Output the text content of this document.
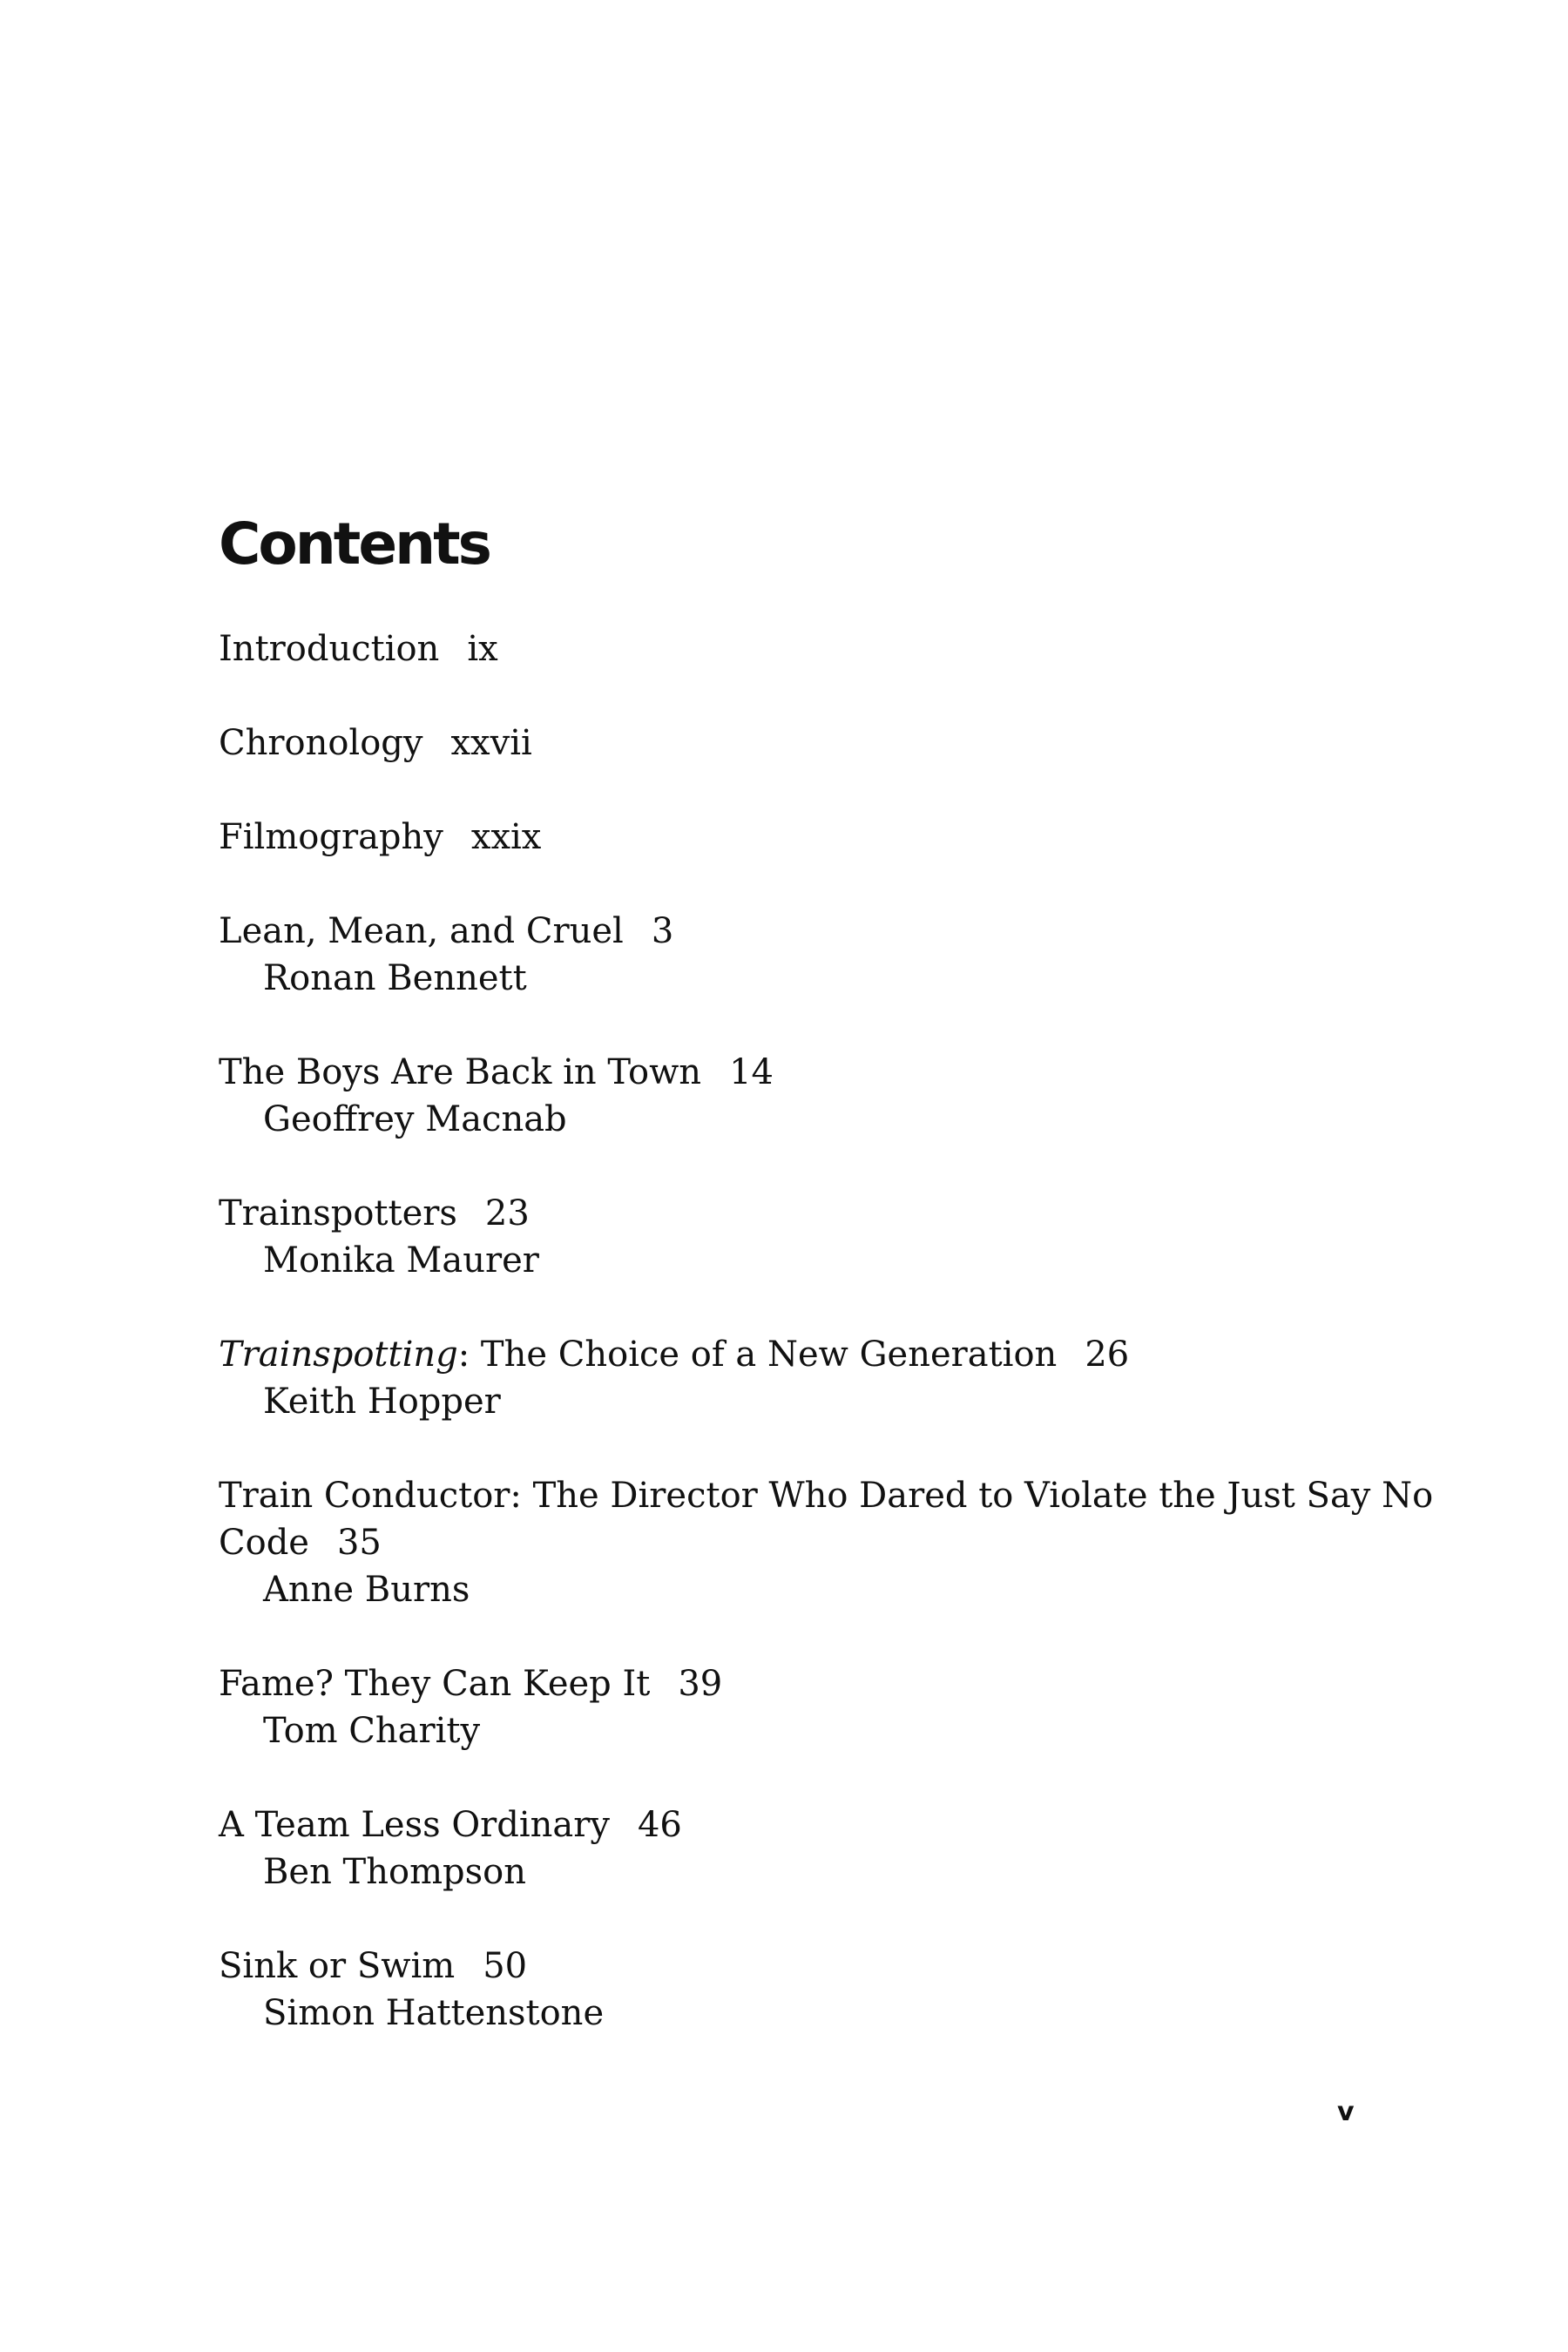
Contents
Introduction ix
Chronology xxvii
Filmography xxix
Lean, Mean, and Cruel 3
Ronan Bennett
The Boys Are Back in Town 14
Geoffrey Macnab
Trainspotters 23
Monika Maurer
Trainspotting: The Choice of a New Generation 26
Keith Hopper
Train Conductor: The Director Who Dared to Violate the Just Say No Code 35
Anne Burns
Fame? They Can Keep It 39
Tom Charity
A Team Less Ordinary 46
Ben Thompson
Sink or Swim 50
Simon Hattenstone
v
